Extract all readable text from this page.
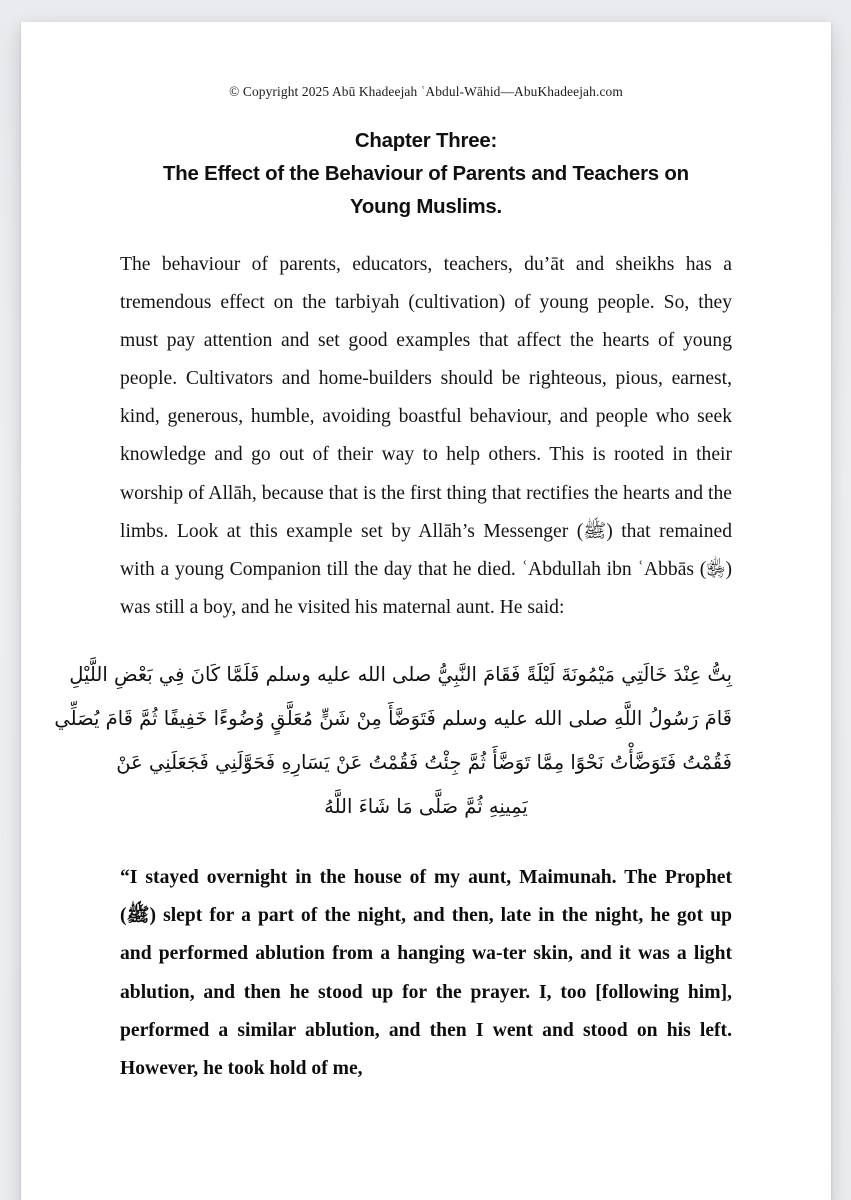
© Copyright 2025 Abū Khadeejah ʿAbdul-Wāhid—AbuKhadeejah.com
Chapter Three:
The Effect of the Behaviour of Parents and Teachers on
Young Muslims.

The behaviour of parents, educators, teachers, du’āt and sheikhs has a tremendous effect on the tarbiyah (cultivation) of young people. So, they must pay attention and set good examples that affect the hearts of young people. Cultivators and home-builders should be righteous, pious, earnest, kind, generous, humble, avoiding boastful behaviour, and people who seek knowledge and go out of their way to help others. This is rooted in their worship of Allāh, because that is the first thing that rectifies the hearts and the limbs. Look at this example set by Allāh’s Messenger (ﷺ) that remained with a young Companion till the day that he died. ʿAbdullah ibn ʿAbbās (﵂) was still a boy, and he visited his maternal aunt. He said:

بِتُّ عِنْدَ خَالَتِي مَيْمُونَةَ لَيْلَةً فَقَامَ النَّبِيُّ صلى الله عليه وسلم فَلَمَّا كَانَ فِي بَعْضِ اللَّيْلِ
قَامَ رَسُولُ اللَّهِ صلى الله عليه وسلم فَتَوَضَّأَ مِنْ شَنٍّ مُعَلَّقٍ وُضُوءًا خَفِيفًا ثُمَّ قَامَ يُصَلِّي
فَقُمْتُ فَتَوَضَّأْتُ نَحْوًا مِمَّا تَوَضَّأَ ثُمَّ جِئْتُ فَقُمْتُ عَنْ يَسَارِهِ فَحَوَّلَنِي فَجَعَلَنِي عَنْ
يَمِينِهِ ثُمَّ صَلَّى مَا شَاءَ اللَّهُ

“I stayed overnight in the house of my aunt, Maimunah. The Prophet (ﷺ) slept for a part of the night, and then, late in the night, he got up and performed ablution from a hanging wa-ter skin, and it was a light ablution, and then he stood up for the prayer. I, too [following him], performed a similar ablution, and then I went and stood on his left. However, he took hold of me,
